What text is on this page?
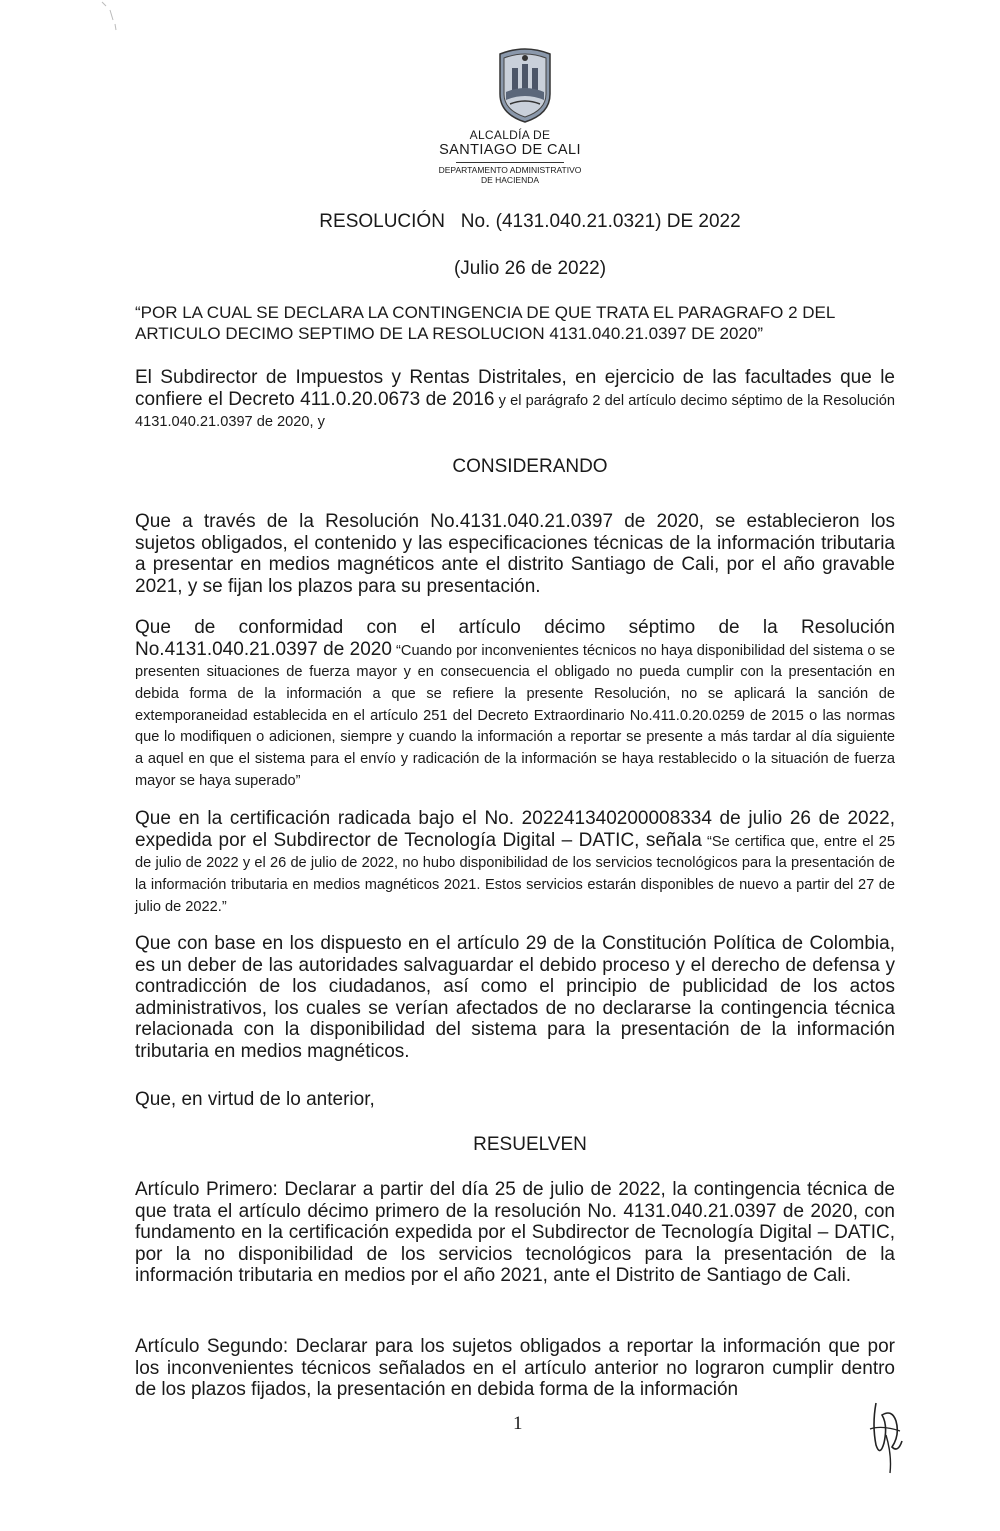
ALCALDÍA DE
SANTIAGO DE CALI
DEPARTAMENTO ADMINISTRATIVO
DE HACIENDA
RESOLUCIÓN   No. (4131.040.21.0321) DE 2022
(Julio 26 de 2022)
“POR LA CUAL SE DECLARA LA CONTINGENCIA DE QUE TRATA EL PARAGRAFO 2 DEL ARTICULO DECIMO SEPTIMO DE LA RESOLUCION 4131.040.21.0397 DE 2020”
El Subdirector de Impuestos y Rentas Distritales, en ejercicio de las facultades que le confiere el Decreto 411.0.20.0673 de 2016 y el parágrafo 2 del artículo decimo séptimo de la Resolución 4131.040.21.0397 de 2020, y
CONSIDERANDO
Que a través de la Resolución No.4131.040.21.0397 de 2020, se establecieron los sujetos obligados, el contenido y las especificaciones técnicas de la información tributaria a presentar en medios magnéticos ante el distrito Santiago de Cali, por el año gravable 2021, y se fijan los plazos para su presentación.
Que de conformidad con el artículo décimo séptimo de la Resolución No.4131.040.21.0397 de 2020 “Cuando por inconvenientes técnicos no haya disponibilidad del sistema o se presenten situaciones de fuerza mayor y en consecuencia el obligado no pueda cumplir con la presentación en debida forma de la información a que se refiere la presente Resolución, no se aplicará la sanción de extemporaneidad establecida en el artículo 251 del Decreto Extraordinario No.411.0.20.0259 de 2015 o las normas que lo modifiquen o adicionen, siempre y cuando la información a reportar se presente a más tardar al día siguiente a aquel en que el sistema para el envío y radicación de la información se haya restablecido o la situación de fuerza mayor se haya superado”
Que en la certificación radicada bajo el No. 202241340200008334 de julio 26 de 2022, expedida por el Subdirector de Tecnología Digital – DATIC, señala “Se certifica que, entre el 25 de julio de 2022 y el 26 de julio de 2022, no hubo disponibilidad de los servicios tecnológicos para la presentación de la información tributaria en medios magnéticos 2021. Estos servicios estarán disponibles de nuevo a partir del 27 de julio de 2022.”
Que con base en los dispuesto en el artículo 29 de la Constitución Política de Colombia, es un deber de las autoridades salvaguardar el debido proceso y el derecho de defensa y contradicción de los ciudadanos, así como el principio de publicidad de los actos administrativos, los cuales se verían afectados de no declararse la contingencia técnica relacionada con la disponibilidad del sistema para la presentación de la información tributaria en medios magnéticos.
Que, en virtud de lo anterior,
RESUELVEN
Artículo Primero: Declarar a partir del día 25 de julio de 2022, la contingencia técnica de que trata el artículo décimo primero de la resolución No. 4131.040.21.0397 de 2020, con fundamento en la certificación expedida por el Subdirector de Tecnología Digital – DATIC, por la no disponibilidad de los servicios tecnológicos para la presentación de la información tributaria en medios por el año 2021, ante el Distrito de Santiago de Cali.
Artículo Segundo: Declarar para los sujetos obligados a reportar la información que por los inconvenientes técnicos señalados en el artículo anterior no lograron cumplir dentro de los plazos fijados, la presentación en debida forma de la información
1
